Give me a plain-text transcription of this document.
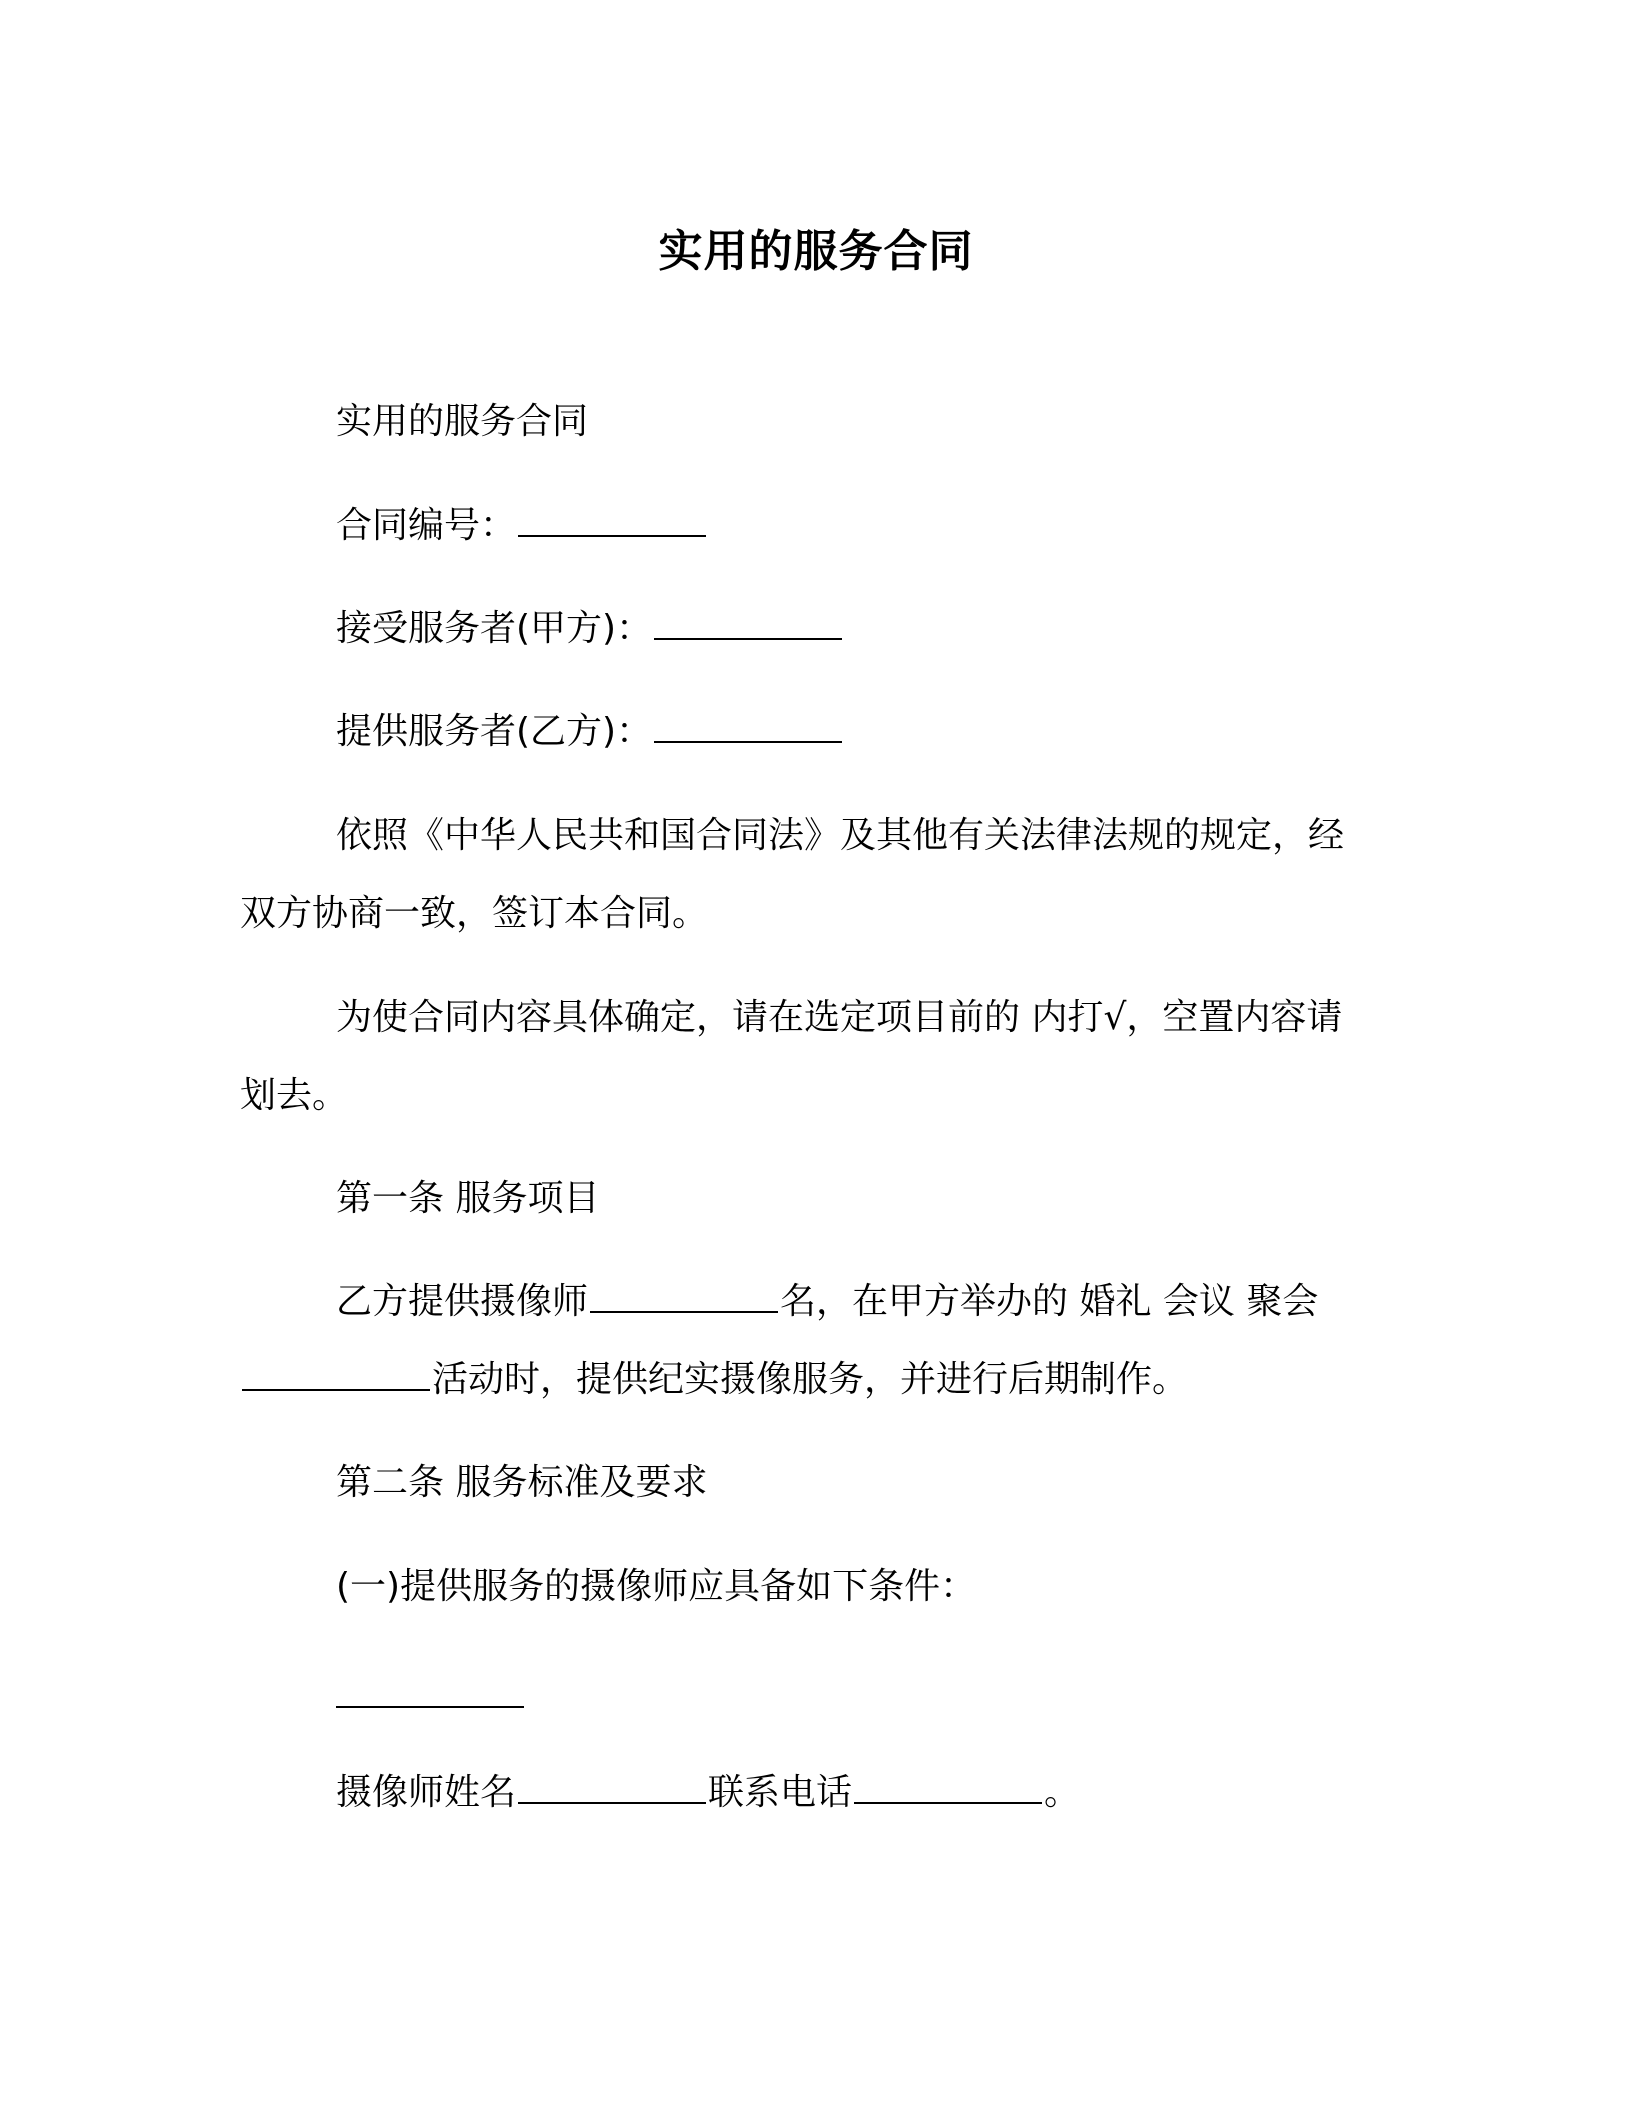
实用的服务合同
实用的服务合同
合同编号：
接受服务者(甲方)：
提供服务者(乙方)：
依照《中华人民共和国合同法》及其他有关法律法规的规定，经
双方协商一致，签订本合同。
为使合同内容具体确定，请在选定项目前的 内打√，空置内容请
划去。
第一条 服务项目
乙方提供摄像师	名，在甲方举办的 婚礼 会议 聚会
活动时，提供纪实摄像服务，并进行后期制作。
第二条 服务标准及要求
(一)提供服务的摄像师应具备如下条件：
摄像师姓名	联系电话	。
